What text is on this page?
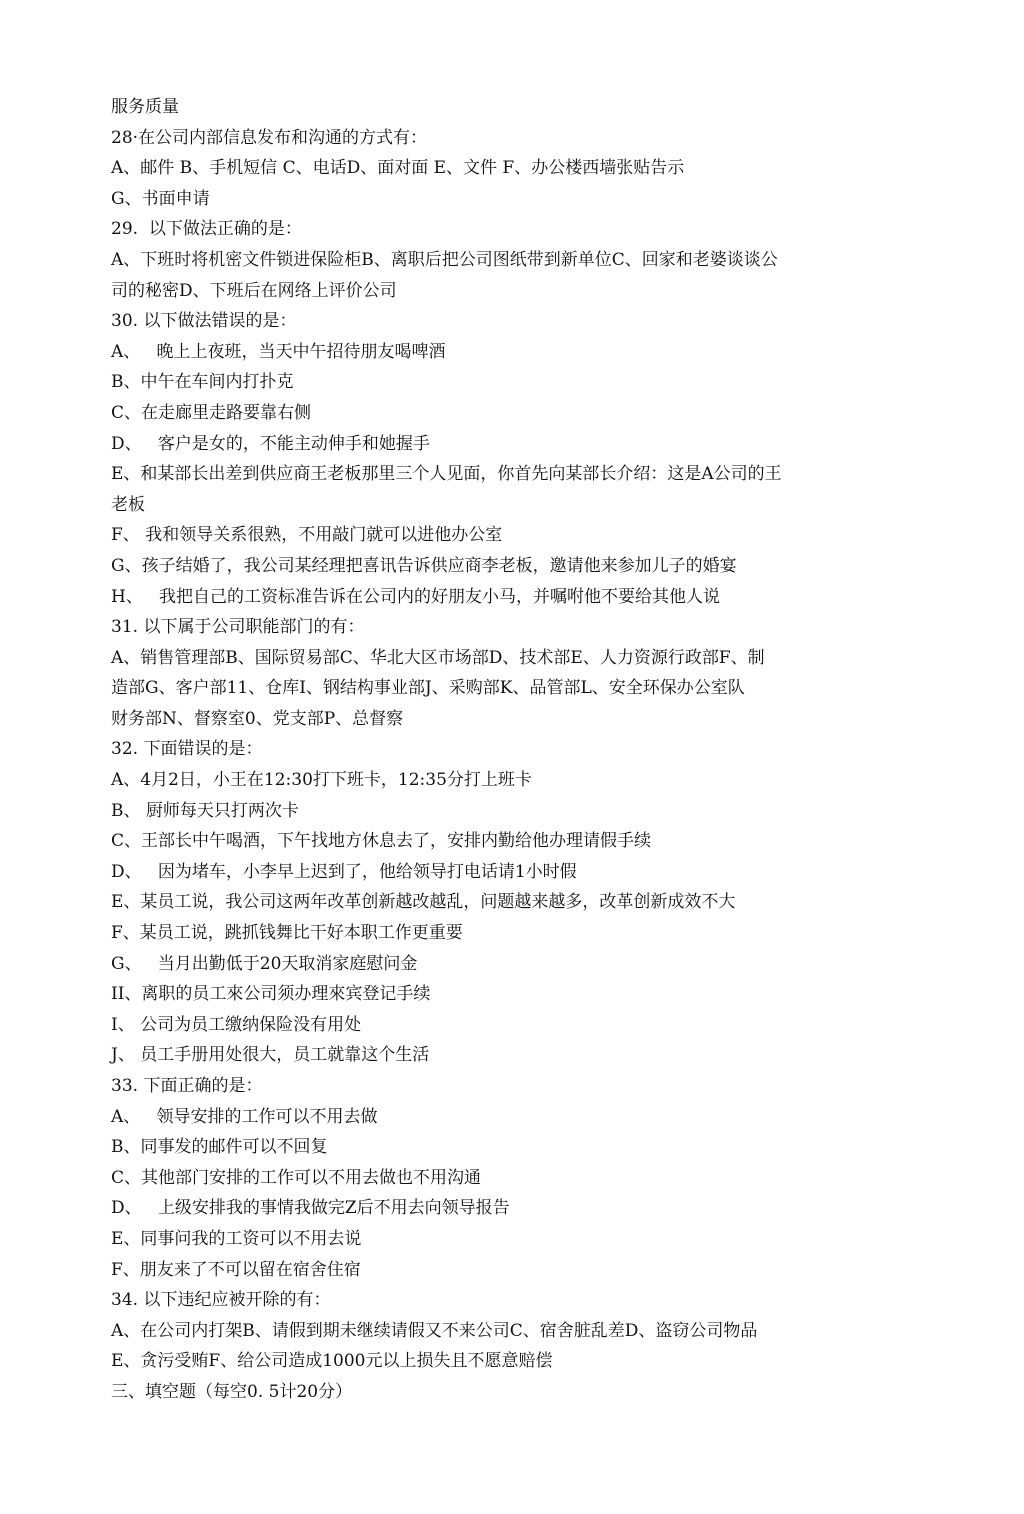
服务质量
28·在公司内部信息发布和沟通的方式有：
A、邮件 B、手机短信 C、电话D、面对面 E、文件 F、办公楼西墙张贴告示
G、书面申请
29.  以下做法正确的是：
A、下班时将机密文件锁进保险柜B、离职后把公司图纸带到新单位C、回家和老婆谈谈公
司的秘密D、下班后在网络上评价公司
30. 以下做法错误的是：
A、   晚上上夜班，当天中午招待朋友喝啤酒
B、中午在车间内打扑克
C、在走廊里走路要靠右侧
D、   客户是女的，不能主动伸手和她握手
E、和某部长出差到供应商王老板那里三个人见面，你首先向某部长介绍：这是A公司的王
老板
F、 我和领导关系很熟，不用敲门就可以进他办公室
G、孩子结婚了，我公司某经理把喜讯告诉供应商李老板，邀请他来参加儿子的婚宴
H、   我把自己的工资标准告诉在公司内的好朋友小马，并嘱咐他不要给其他人说
31. 以下属于公司职能部门的有：
A、销售管理部B、国际贸易部C、华北大区市场部D、技术部E、人力资源行政部F、制
造部G、客户部11、仓库I、钢结构事业部J、采购部K、品管部L、安全环保办公室队
财务部N、督察室0、党支部P、总督察
32. 下面错误的是：
A、4月2日，小王在12:30打下班卡，12:35分打上班卡
B、 厨师每天只打两次卡
C、王部长中午喝酒，下午找地方休息去了，安排内勤给他办理请假手续
D、   因为堵车，小李早上迟到了，他给领导打电话请1小时假
E、某员工说，我公司这两年改革创新越改越乱，问题越来越多，改革创新成效不大
F、某员工说，跳抓钱舞比干好本职工作更重要
G、   当月出勤低于20天取消家庭慰问金
II、离职的员工來公司须办理來宾登记手续
I、 公司为员工缴纳保险没有用处
J、 员工手册用处很大，员工就靠这个生活
33. 下面正确的是：
A、   领导安排的工作可以不用去做
B、同事发的邮件可以不回复
C、其他部门安排的工作可以不用去做也不用沟通
D、   上级安排我的事情我做完Z后不用去向领导报告
E、同事问我的工资可以不用去说
F、朋友来了不可以留在宿舍住宿
34. 以下违纪应被开除的有：
A、在公司内打架B、请假到期未继续请假又不来公司C、宿舍脏乱差D、盗窃公司物品
E、贪污受贿F、给公司造成1000元以上损失且不愿意赔偿
三、填空题（每空0. 5计20分）
